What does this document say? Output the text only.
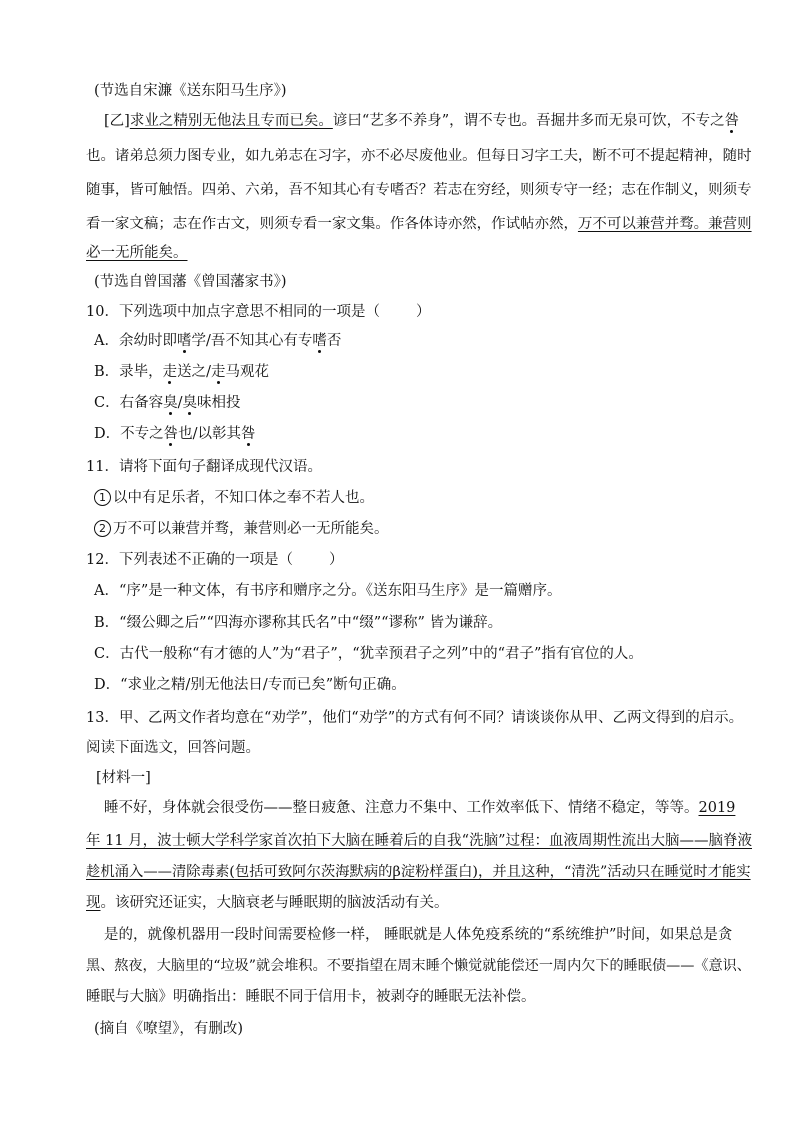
(节选自宋濂《送东阳马生序》)
[乙]求业之精别无他法且专而已矣。谚曰“艺多不养身”，谓不专也。吾掘井多而无泉可饮，不专之咎
也。诸弟总须力图专业，如九弟志在习字，亦不必尽废他业。但每日习字工夫，断不可不提起精神，随时
随事，皆可触悟。四弟、六弟，吾不知其心有专嗜否？若志在穷经，则须专守一经；志在作制义，则须专
看一家文稿；志在作古文，则须专看一家文集。作各体诗亦然，作试帖亦然，万不可以兼营并骛。兼营则
必一无所能矣。
(节选自曾国藩《曾国藩家书》)
10．下列选项中加点字意思不相同的一项是（ ）
A．余幼时即嗜学/吾不知其心有专嗜否
B．录毕，走送之/走马观花
C．右备容臭/臭味相投
D．不专之咎也/以彰其咎
11．请将下面句子翻译成现代汉语。
1 以中有足乐者，不知口体之奉不若人也。
2 万不可以兼营并骛，兼营则必一无所能矣。
12．下列表述不正确的一项是（ ）
A．“序”是一种文体，有书序和赠序之分。《送东阳马生序》是一篇赠序。
B．“缀公卿之后”“四海亦谬称其氏名”中“缀”“谬称” 皆为谦辞。
C．古代一般称“有才德的人”为“君子”，“犹幸预君子之列”中的“君子”指有官位的人。
D．“求业之精/别无他法日/专而已矣”断句正确。
13．甲、乙两文作者均意在“劝学”，他们“劝学”的方式有何不同？请谈谈你从甲、乙两文得到的启示。
阅读下面选文，回答问题。
[材料一]
睡不好，身体就会很受伤——整日疲惫、注意力不集中、工作效率低下、情绪不稳定，等等。2019
年 11 月，波士顿大学科学家首次拍下大脑在睡着后的自我“洗脑”过程：血液周期性流出大脑——脑脊液
趁机涌入——清除毒素(包括可致阿尔茨海默病的β淀粉样蛋白)，并且这种，“清洗”活动只在睡觉时才能实
现。该研究还证实，大脑衰老与睡眠期的脑波活动有关。
是的，就像机器用一段时间需要检修一样， 睡眠就是人体免疫系统的“系统维护”时间，如果总是贪
黑、熬夜，大脑里的“垃圾”就会堆积。不要指望在周末睡个懒觉就能偿还一周内欠下的睡眠债——《意识、
睡眠与大脑》明确指出：睡眠不同于信用卡，被剥夺的睡眠无法补偿。
(摘自《嘹望》，有删改)
